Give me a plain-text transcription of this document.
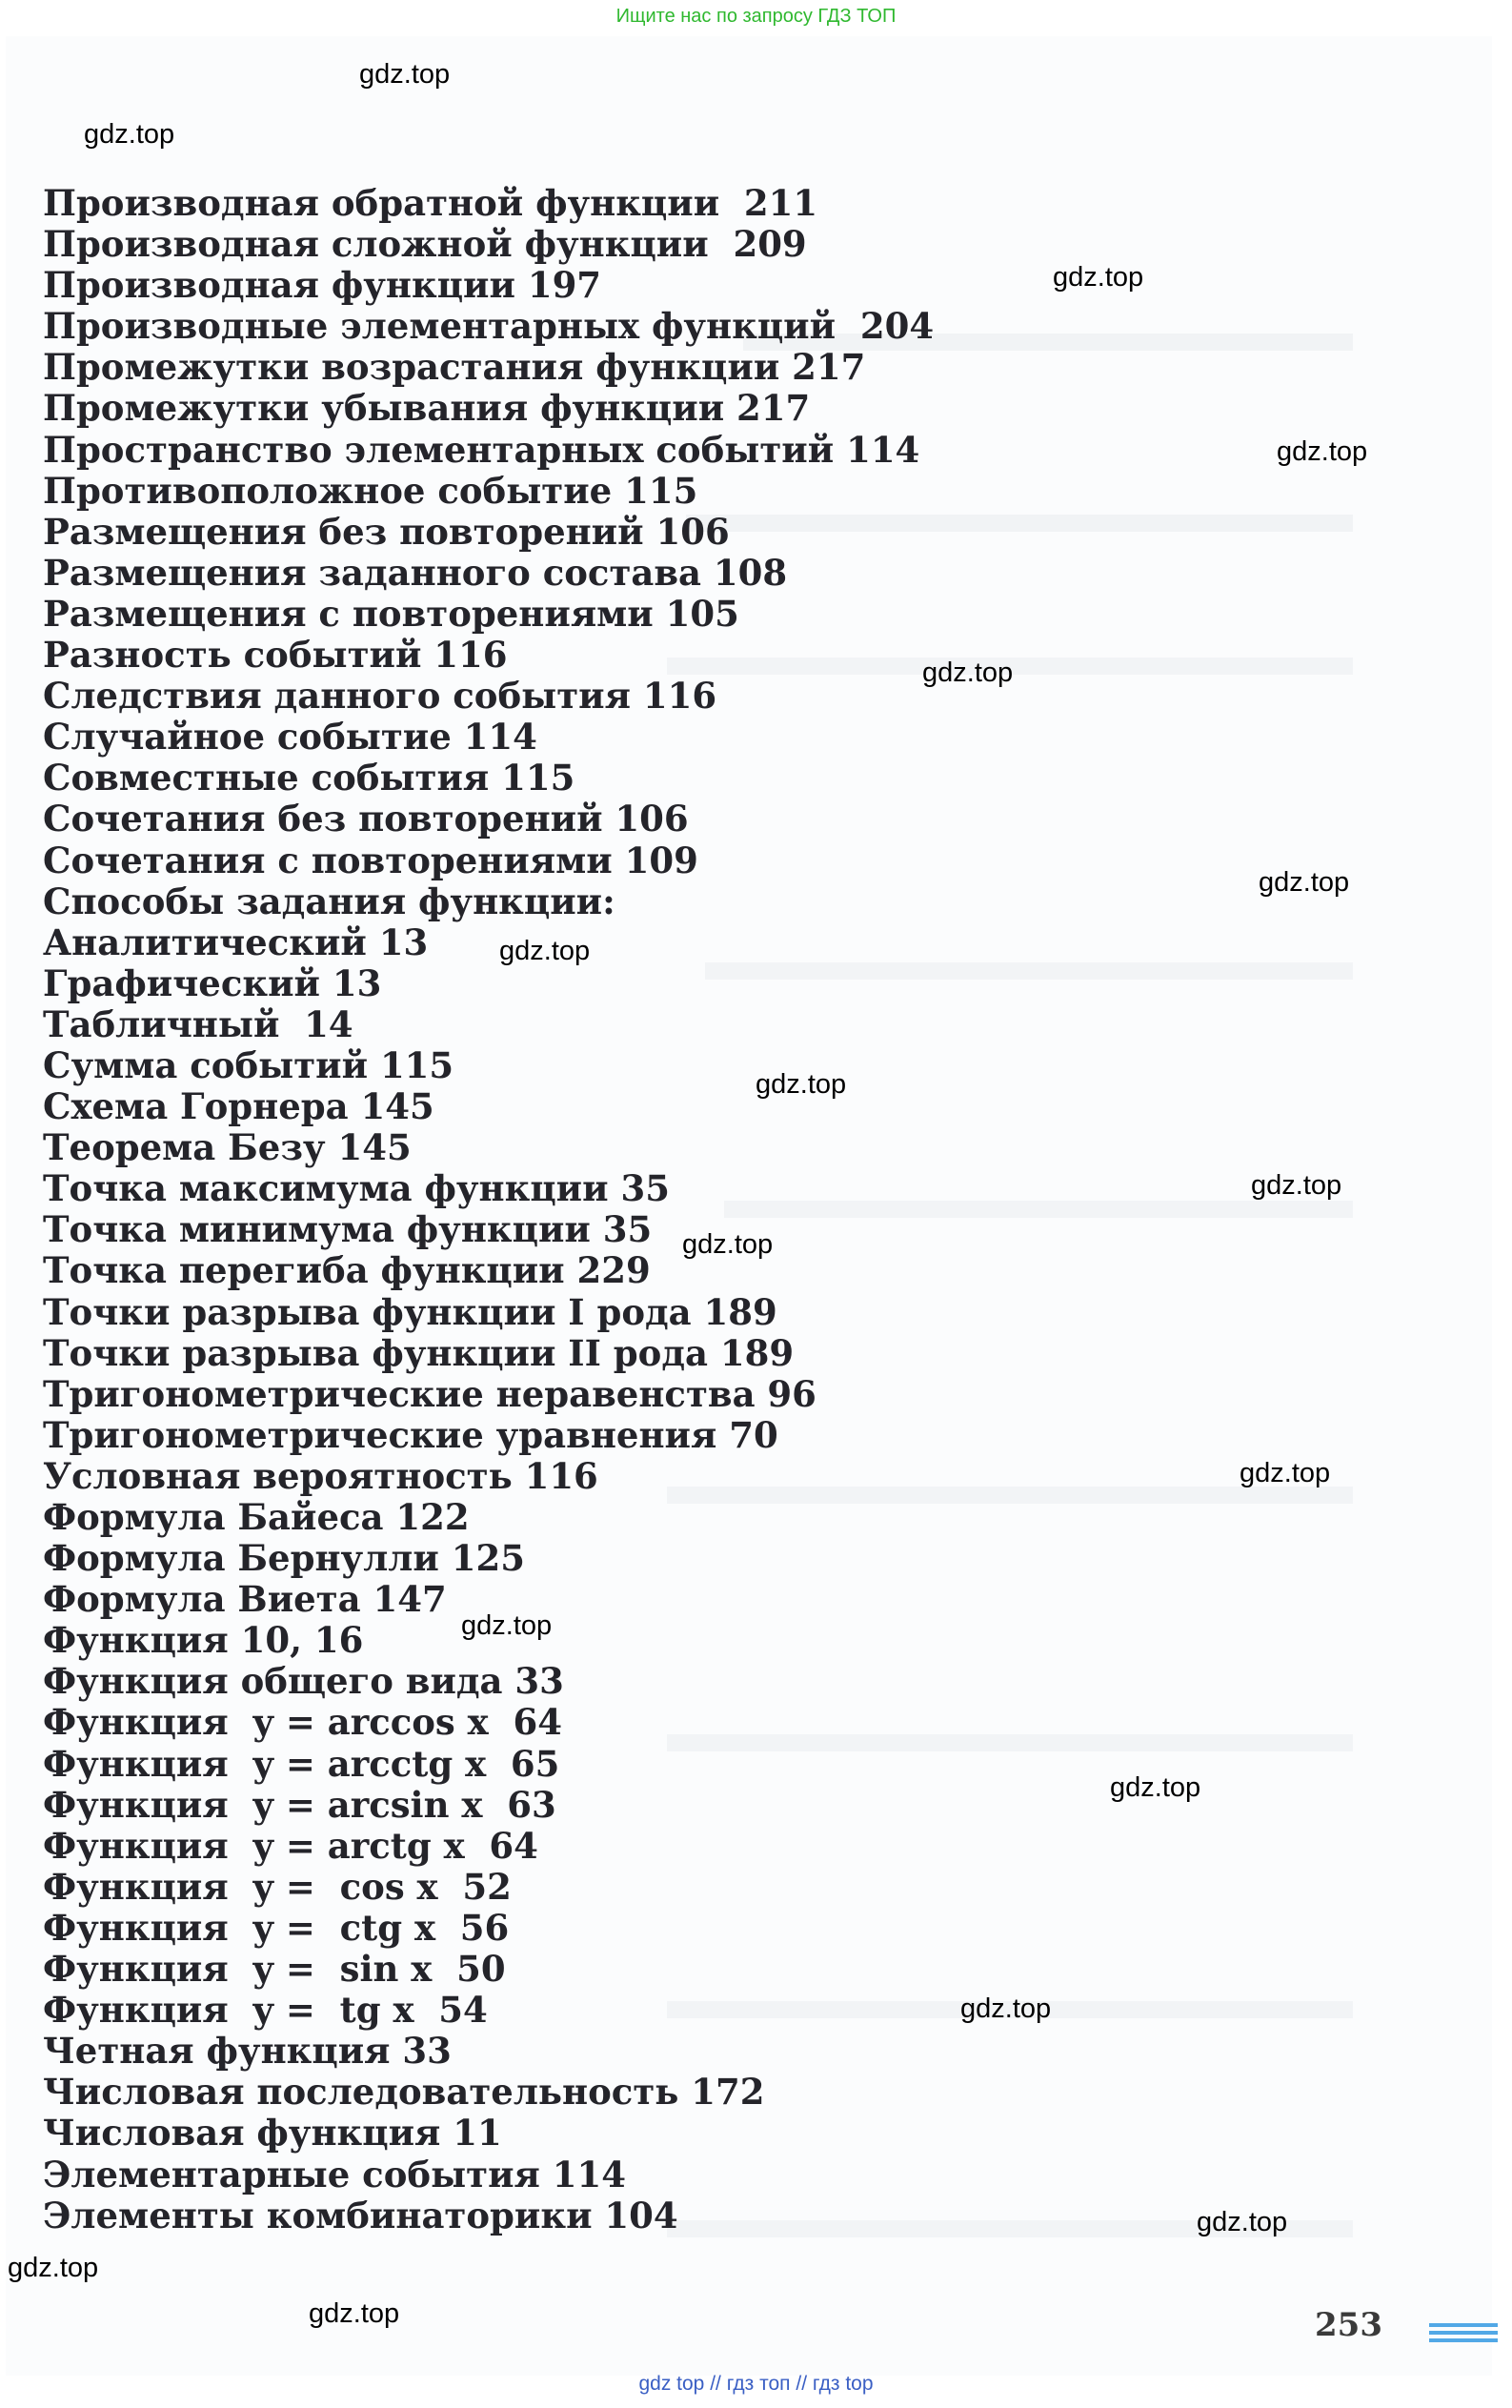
Ищите нас по запросу ГДЗ ТОП
Производная обратной функции  211
Производная сложной функции  209
Производная функции 197
Производные элементарных функций  204
Промежутки возрастания функции 217
Промежутки убывания функции 217
Пространство элементарных событий 114
Противоположное событие 115
Размещения без повторений 106
Размещения заданного состава 108
Размещения с повторениями 105
Разность событий 116
Следствия данного события 116
Случайное событие 114
Совместные события 115
Сочетания без повторений 106
Сочетания с повторениями 109
Способы задания функции:
Аналитический 13
Графический 13
Табличный  14
Сумма событий 115
Схема Горнера 145
Теорема Безу 145
Точка максимума функции 35
Точка минимума функции 35
Точка перегиба функции 229
Точки разрыва функции I рода 189
Точки разрыва функции II рода 189
Тригонометрические неравенства 96
Тригонометрические уравнения 70
Условная вероятность 116
Формула Байеса 122
Формула Бернулли 125
Формула Виета 147
Функция 10, 16
Функция общего вида 33
Функция  y = arccos x  64
Функция  y = arcctg x  65
Функция  y = arcsin x  63
Функция  y = arctg x  64
Функция  y =  cos x  52
Функция  y =  ctg x  56
Функция  y =  sin x  50
Функция  y =  tg x  54
Четная функция 33
Числовая последовательность 172
Числовая функция 11
Элементарные события 114
Элементы комбинаторики 104
gdz.top
gdz.top
gdz.top
gdz.top
gdz.top
gdz.top
gdz.top
gdz.top
gdz.top
gdz.top
gdz.top
gdz.top
gdz.top
gdz.top
gdz.top
gdz.top
gdz.top	253
gdz top // гдз топ // гдз top
